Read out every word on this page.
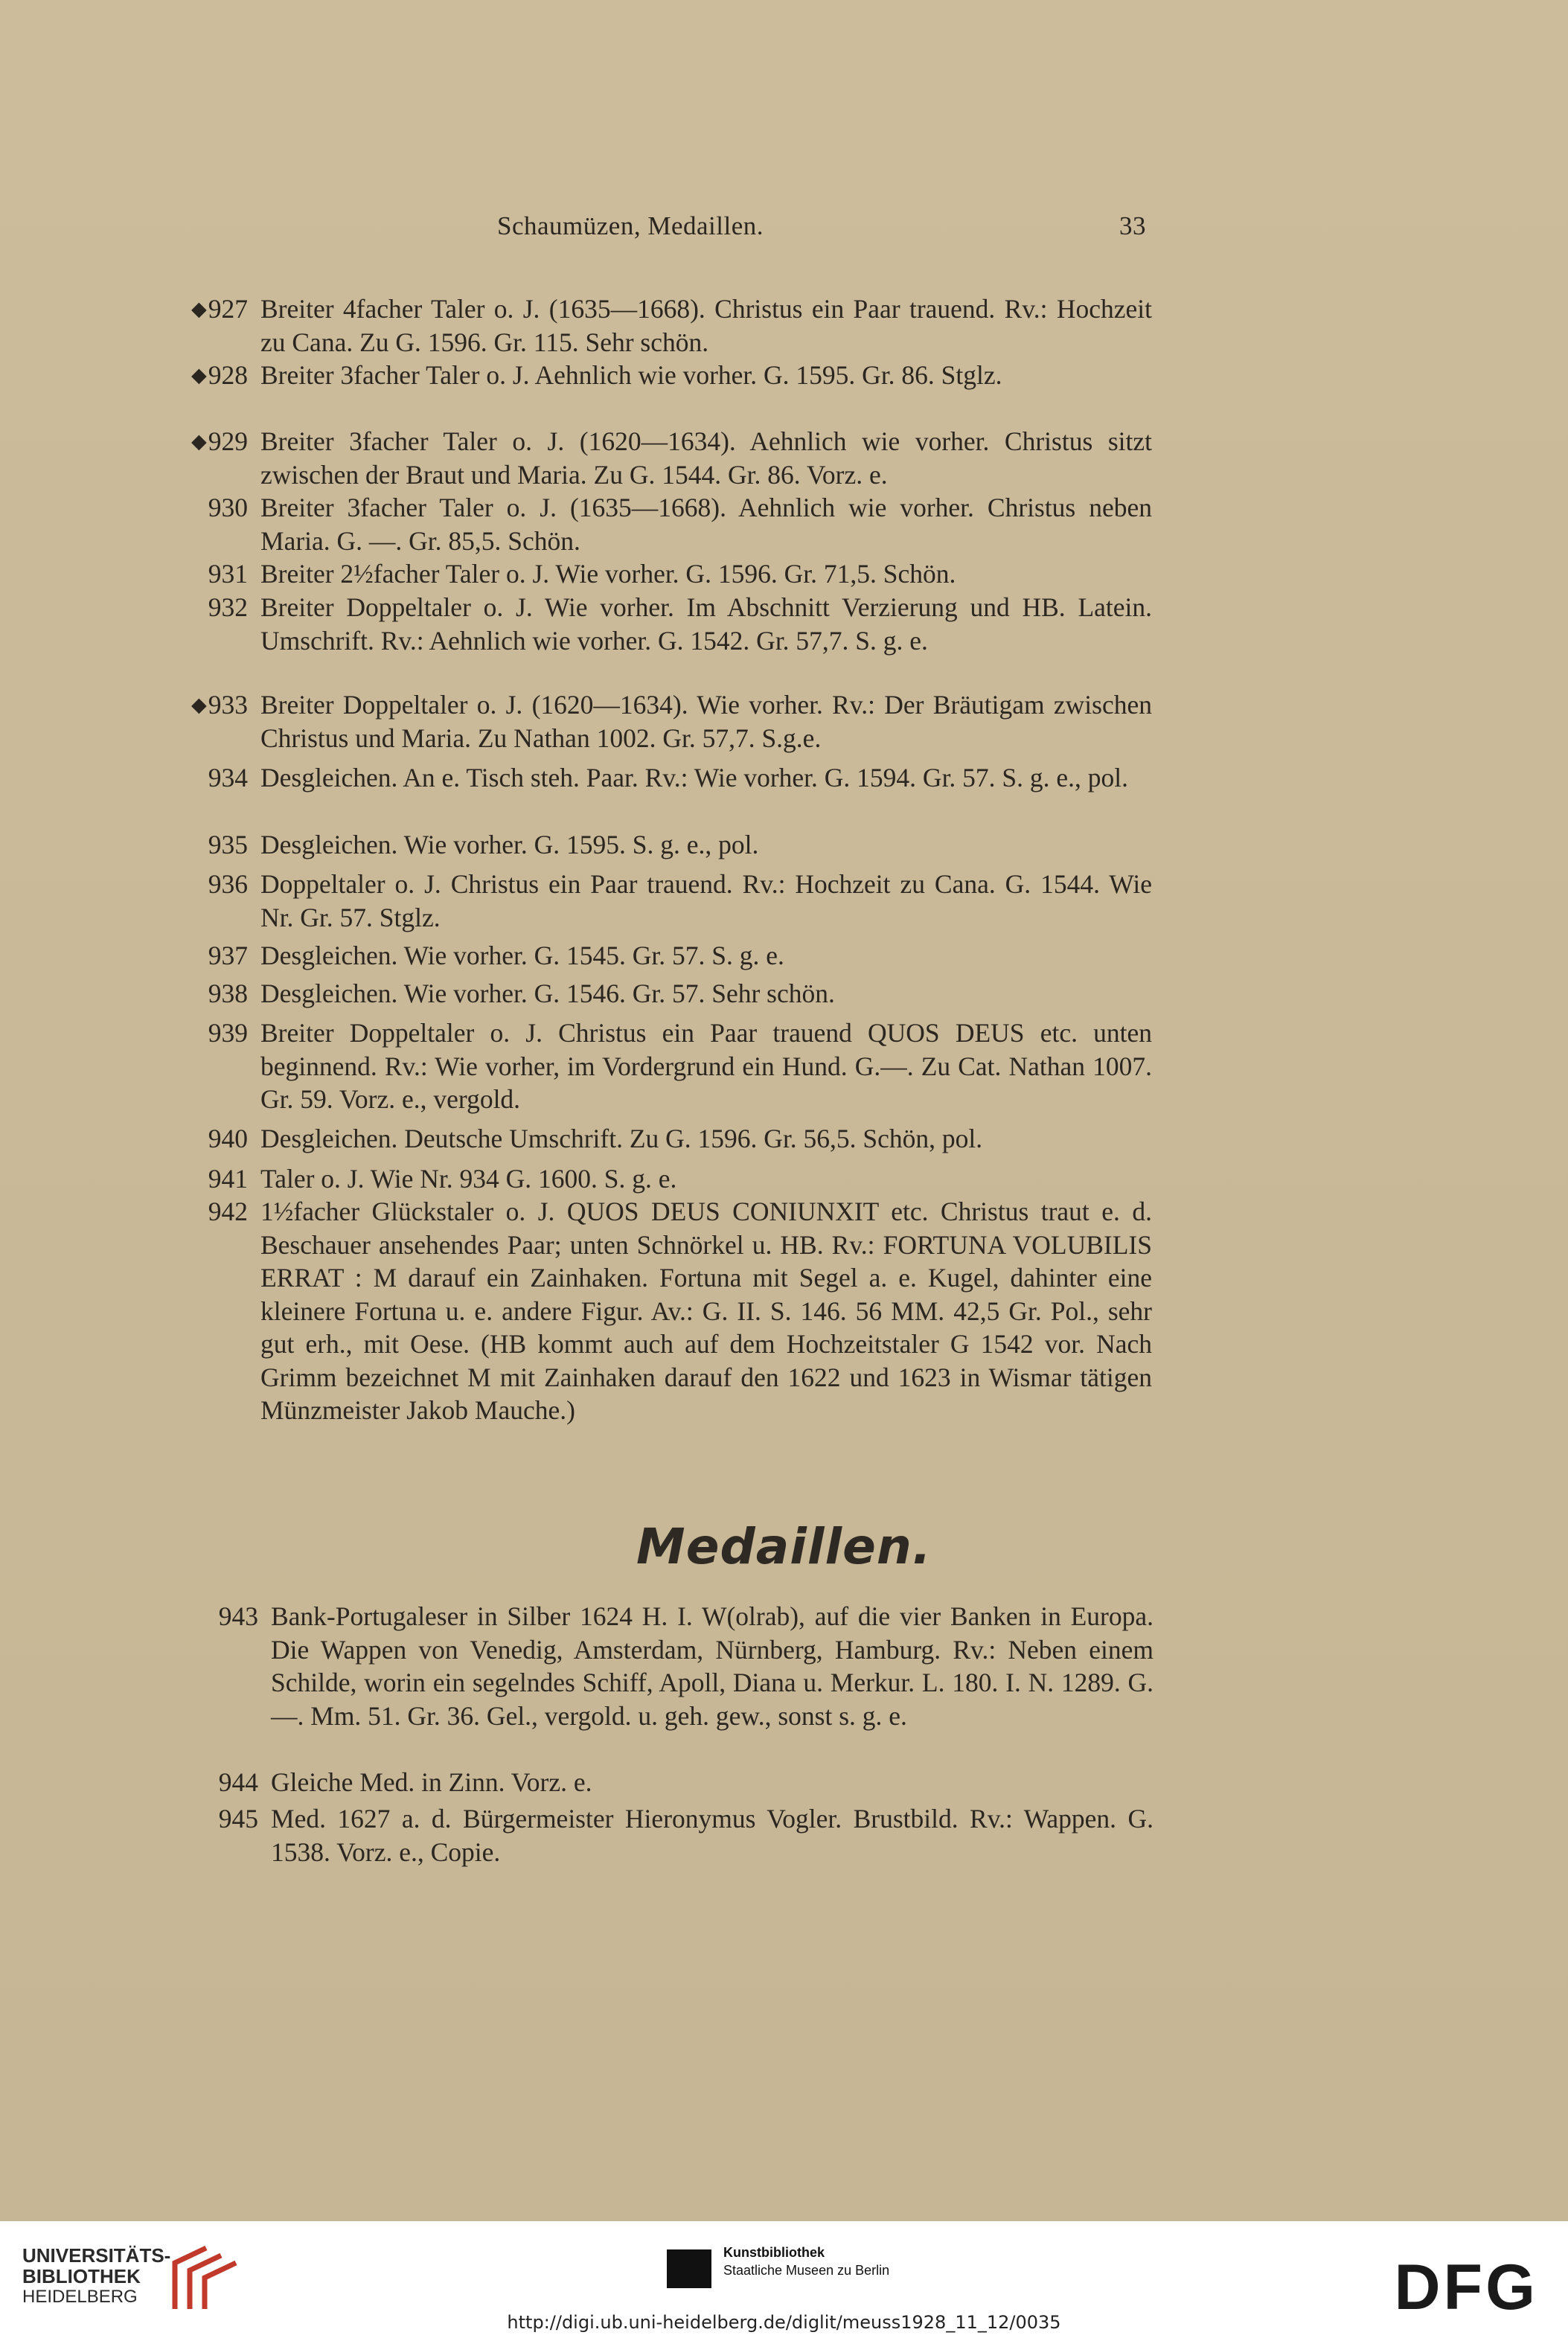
Schaumüzen, Medaillen.	33
◆927 Breiter 4facher Taler o. J. (1635—1668). Christus ein Paar trauend. Rv.: Hochzeit zu Cana. Zu G. 1596. Gr. 115. Sehr schön.
◆928 Breiter 3facher Taler o. J. Aehnlich wie vorher. G. 1595. Gr. 86. Stglz.
◆929 Breiter 3facher Taler o. J. (1620—1634). Aehnlich wie vorher. Christus sitzt zwischen der Braut und Maria. Zu G. 1544. Gr. 86. Vorz. e.
930 Breiter 3facher Taler o. J. (1635—1668). Aehnlich wie vorher. Christus neben Maria. G. —. Gr. 85,5. Schön.
931 Breiter 2½facher Taler o. J. Wie vorher. G. 1596. Gr. 71,5. Schön.
932 Breiter Doppeltaler o. J. Wie vorher. Im Abschnitt Verzierung und HB. Latein. Umschrift. Rv.: Aehnlich wie vorher. G. 1542. Gr. 57,7. S. g. e.
◆933 Breiter Doppeltaler o. J. (1620—1634). Wie vorher. Rv.: Der Bräutigam zwischen Christus und Maria. Zu Nathan 1002. Gr. 57,7. S.g.e.
934 Desgleichen. An e. Tisch steh. Paar. Rv.: Wie vorher. G. 1594. Gr. 57. S. g. e., pol.
935 Desgleichen. Wie vorher. G. 1595. S. g. e., pol.
936 Doppeltaler o. J. Christus ein Paar trauend. Rv.: Hochzeit zu Cana. G. 1544. Wie Nr. Gr. 57. Stglz.
937 Desgleichen. Wie vorher. G. 1545. Gr. 57. S. g. e.
938 Desgleichen. Wie vorher. G. 1546. Gr. 57. Sehr schön.
939 Breiter Doppeltaler o. J. Christus ein Paar trauend QUOS DEUS etc. unten beginnend. Rv.: Wie vorher, im Vordergrund ein Hund. G.—. Zu Cat. Nathan 1007. Gr. 59. Vorz. e., vergold.
940 Desgleichen. Deutsche Umschrift. Zu G. 1596. Gr. 56,5. Schön, pol.
941 Taler o. J. Wie Nr. 934 G. 1600. S. g. e.
942 1½facher Glückstaler o. J. QUOS DEUS CONIUNXIT etc. Christus traut e. d. Beschauer ansehendes Paar; unten Schnörkel u. HB. Rv.: FORTUNA VOLUBILIS ERRAT : M darauf ein Zainhaken. Fortuna mit Segel a. e. Kugel, dahinter eine kleinere Fortuna u. e. andere Figur. Av.: G. II. S. 146. 56 MM. 42,5 Gr. Pol., sehr gut erh., mit Oese. (HB kommt auch auf dem Hochzeitstaler G 1542 vor. Nach Grimm bezeichnet M mit Zainhaken darauf den 1622 und 1623 in Wismar tätigen Münzmeister Jakob Mauche.)
Medaillen.
943 Bank-Portugaleser in Silber 1624 H. I. W(olrab), auf die vier Banken in Europa. Die Wappen von Venedig, Amsterdam, Nürnberg, Hamburg. Rv.: Neben einem Schilde, worin ein segelndes Schiff, Apoll, Diana u. Merkur. L. 180. I. N. 1289. G. —. Mm. 51. Gr. 36. Gel., vergold. u. geh. gew., sonst s. g. e.
944 Gleiche Med. in Zinn. Vorz. e.
945 Med. 1627 a. d. Bürgermeister Hieronymus Vogler. Brustbild. Rv.: Wappen. G. 1538. Vorz. e., Copie.
UNIVERSITÄTS-
BIBLIOTHEK
HEIDELBERG
Kunstbibliothek
Staatliche Museen zu Berlin	DFG
http://digi.ub.uni-heidelberg.de/diglit/meuss1928_11_12/0035
